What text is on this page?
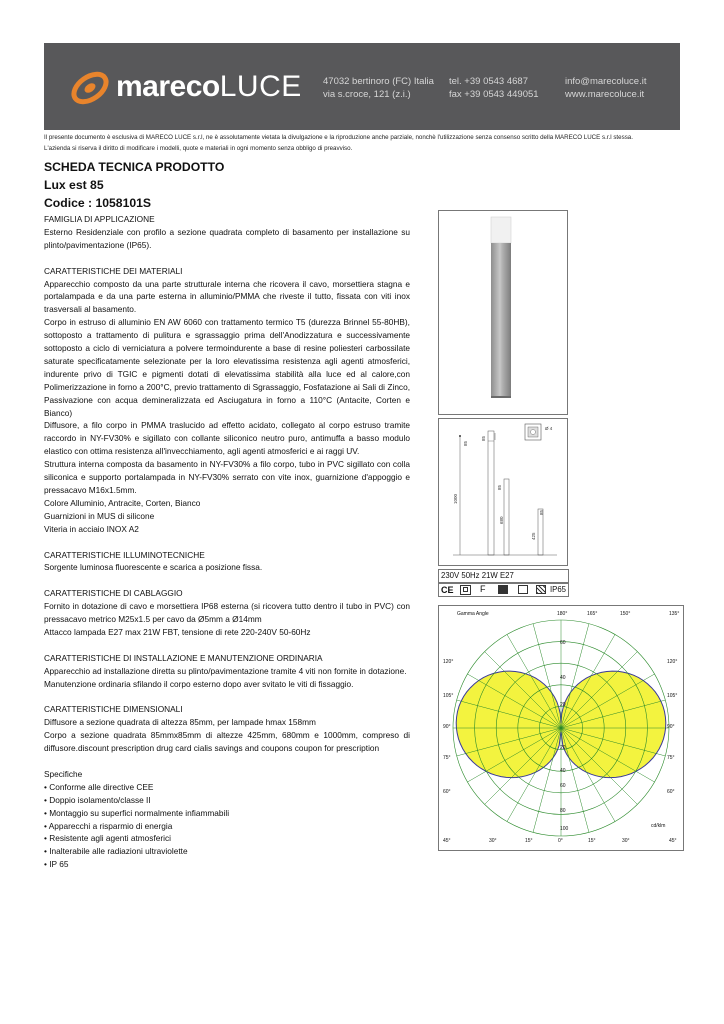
marecoLUCE 47032 bertinoro (FC) Italia
via s.croce, 121 (z.i.)
tel. +39 0543 4687
fax +39 0543 449051
info@marecoluce.it
www.marecoluce.it
Il presente documento è esclusiva di MARECO LUCE s.r.l, ne è assolutamente vietata la divulgazione e la riproduzione anche parziale, nonchè l'utilizzazione senza consenso scritto della MARECO LUCE s.r.l stessa.
L'azienda si riserva il diritto di modificare i modelli, quote e materiali in ogni momento senza obbligo di preavviso.
SCHEDA TECNICA PRODOTTO
Lux est 85
Codice : 1058101S

FAMIGLIA DI APPLICAZIONE

Esterno Residenziale con profilo a sezione quadrata completo di basamento per installazione su plinto/pavimentazione (IP65).

CARATTERISTICHE DEI MATERIALI

Apparecchio composto da una parte strutturale interna che ricovera il cavo, morsettiera stagna e portalampada e da una parte esterna in alluminio/PMMA che riveste il tutto, fissata con viti inox trasversali al basamento.

Corpo in estruso di alluminio EN AW 6060 con trattamento termico T5 (durezza Brinnel 55-80HB), sottoposto a trattamento di pulitura e sgrassaggio prima dell'Anodizzatura e successivamente sottoposto a ciclo di verniciatura a polvere termoindurente a base di resine poliesteri carbossilate saturate specificatamente selezionate per la loro elevatissima resistenza agli agenti atmosferici, indurente privo di TGIC e pigmenti dotati di elevatissima stabilità alla luce ed al calore,con Polimerizzazione in forno a 200°C, previo trattamento di Sgrassaggio, Fosfatazione ai Sali di Zinco, Passivazione con acqua demineralizzata ed Asciugatura in forno a 110°C (Antacite, Corten e Bianco)

Diffusore, a filo corpo in PMMA traslucido ad effetto acidato, collegato al corpo estruso tramite raccordo in NY-FV30% e sigillato con collante siliconico neutro puro, antimuffa a basso modulo elastico con ottima resistenza all'invecchiamento, agli agenti atmosferici e ai raggi UV.

Struttura interna composta da basamento in NY-FV30% a filo corpo, tubo in PVC sigillato con colla siliconica e supporto portalampada in NY-FV30% serrato con vite inox, guarnizione d'appoggio e pressacavo M16x1.5mm.

Colore Alluminio, Antracite, Corten, Bianco

Guarnizioni in MUS di silicone

Viteria in acciaio INOX A2

CARATTERISTICHE ILLUMINOTECNICHE

Sorgente luminosa fluorescente e scarica a posizione fissa.

CARATTERISTICHE DI CABLAGGIO

Fornito in dotazione di cavo e morsettiera IP68 esterna (si ricovera tutto dentro il tubo in PVC) con pressacavo metrico M25x1.5 per cavo da Ø5mm a Ø14mm

Attacco lampada E27 max 21W FBT, tensione di rete 220-240V 50-60Hz

CARATTERISTICHE DI INSTALLAZIONE E MANUTENZIONE ORDINARIA

Apparecchio ad installazione diretta su plinto/pavimentazione tramite 4 viti non fornite in dotazione.

Manutenzione ordinaria sfilando il corpo esterno dopo aver svitato le viti di fissaggio.

CARATTERISTICHE DIMENSIONALI

Diffusore a sezione quadrata di altezza 85mm, per lampade hmax 158mm

Corpo a sezione quadrata 85mmx85mm di altezze 425mm, 680mm e 1000mm, compreso di diffusore.discount prescription drug card cialis savings and coupons coupon for prescription

Specifiche

• Conforme alle directive CEE

• Doppio isolamento/classe II

• Montaggio su superfici normalmente infiammabili

• Apparecchi a risparmio di energia

• Resistente agli agenti atmosferici

• Inalterabile alle radiazioni ultraviolette

• IP 65

Ø 4
1000
85
85
680
85
425
85
230V 50Hz 21W E27
CE	F	IP65
Gamma Angle	180°	165°	150°	135°
120°
105°
90°
75°
60°
120°
105°
90°
75°
60°
45°	30°	15°	0°	15°	30°	45°
60
40
20
20
40
60
80
100	cd/klm
